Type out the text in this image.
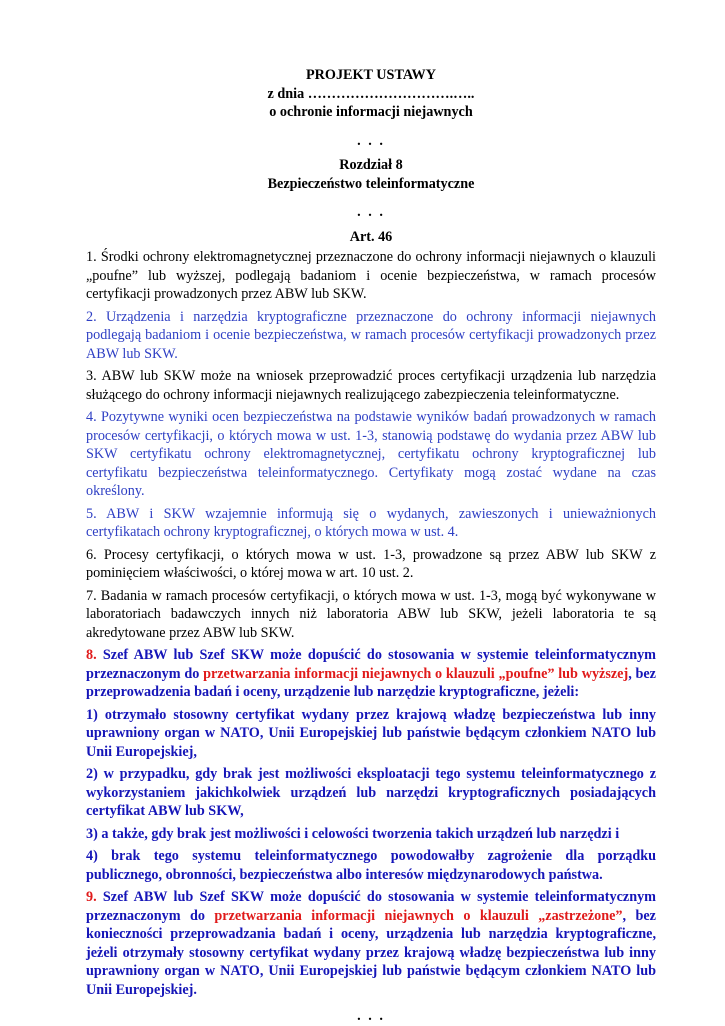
PROJEKT USTAWY
z dnia ………………………….…..
o ochronie informacji niejawnych
. . .
Rozdział 8
Bezpieczeństwo teleinformatyczne
. . .
Art. 46

1. Środki ochrony elektromagnetycznej przeznaczone do ochrony informacji niejawnych o klauzuli „poufne” lub wyższej, podlegają badaniom i ocenie bezpieczeństwa, w ramach procesów certyfikacji prowadzonych przez ABW lub SKW.

2. Urządzenia i narzędzia kryptograficzne przeznaczone do ochrony informacji niejawnych podlegają badaniom i ocenie bezpieczeństwa, w ramach procesów certyfikacji prowadzonych przez ABW lub SKW.

3. ABW lub SKW może na wniosek przeprowadzić proces certyfikacji urządzenia lub narzędzia służącego do ochrony informacji niejawnych realizującego zabezpieczenia teleinformatyczne.

4. Pozytywne wyniki ocen bezpieczeństwa na podstawie wyników badań prowadzonych w ramach procesów certyfikacji, o których mowa w ust. 1-3, stanowią podstawę do wydania przez ABW lub SKW certyfikatu ochrony elektromagnetycznej, certyfikatu ochrony kryptograficznej lub certyfikatu bezpieczeństwa teleinformatycznego. Certyfikaty mogą zostać wydane na czas określony.

5. ABW i SKW wzajemnie informują się o wydanych, zawieszonych i unieważnionych certyfikatach ochrony kryptograficznej, o których mowa w ust. 4.

6. Procesy certyfikacji, o których mowa w ust. 1-3, prowadzone są przez ABW lub SKW z pominięciem właściwości, o której mowa w art. 10 ust. 2.

7. Badania w ramach procesów certyfikacji, o których mowa w ust. 1-3, mogą być wykonywane w laboratoriach badawczych innych niż laboratoria ABW lub SKW, jeżeli laboratoria te są akredytowane przez ABW lub SKW.

8. Szef ABW lub Szef SKW może dopuścić do stosowania w systemie teleinformatycznym przeznaczonym do przetwarzania informacji niejawnych o klauzuli „poufne” lub wyższej, bez przeprowadzenia badań i oceny, urządzenie lub narzędzie kryptograficzne, jeżeli:

1) otrzymało stosowny certyfikat wydany przez krajową władzę bezpieczeństwa lub inny uprawniony organ w NATO, Unii Europejskiej lub państwie będącym członkiem NATO lub Unii Europejskiej,

2) w przypadku, gdy brak jest możliwości eksploatacji tego systemu teleinformatycznego z wykorzystaniem jakichkolwiek urządzeń lub narzędzi kryptograficznych posiadających certyfikat ABW lub SKW,

3) a także, gdy brak jest możliwości i celowości tworzenia takich urządzeń lub narzędzi i

4) brak tego systemu teleinformatycznego powodowałby zagrożenie dla porządku publicznego, obronności, bezpieczeństwa albo interesów międzynarodowych państwa.

9. Szef ABW lub Szef SKW może dopuścić do stosowania w systemie teleinformatycznym przeznaczonym do przetwarzania informacji niejawnych o klauzuli „zastrzeżone”, bez konieczności przeprowadzania badań i oceny, urządzenia lub narzędzia kryptograficzne, jeżeli otrzymały stosowny certyfikat wydany przez krajową władzę bezpieczeństwa lub inny uprawniony organ w NATO, Unii Europejskiej lub państwie będącym członkiem NATO lub Unii Europejskiej.

. . .
